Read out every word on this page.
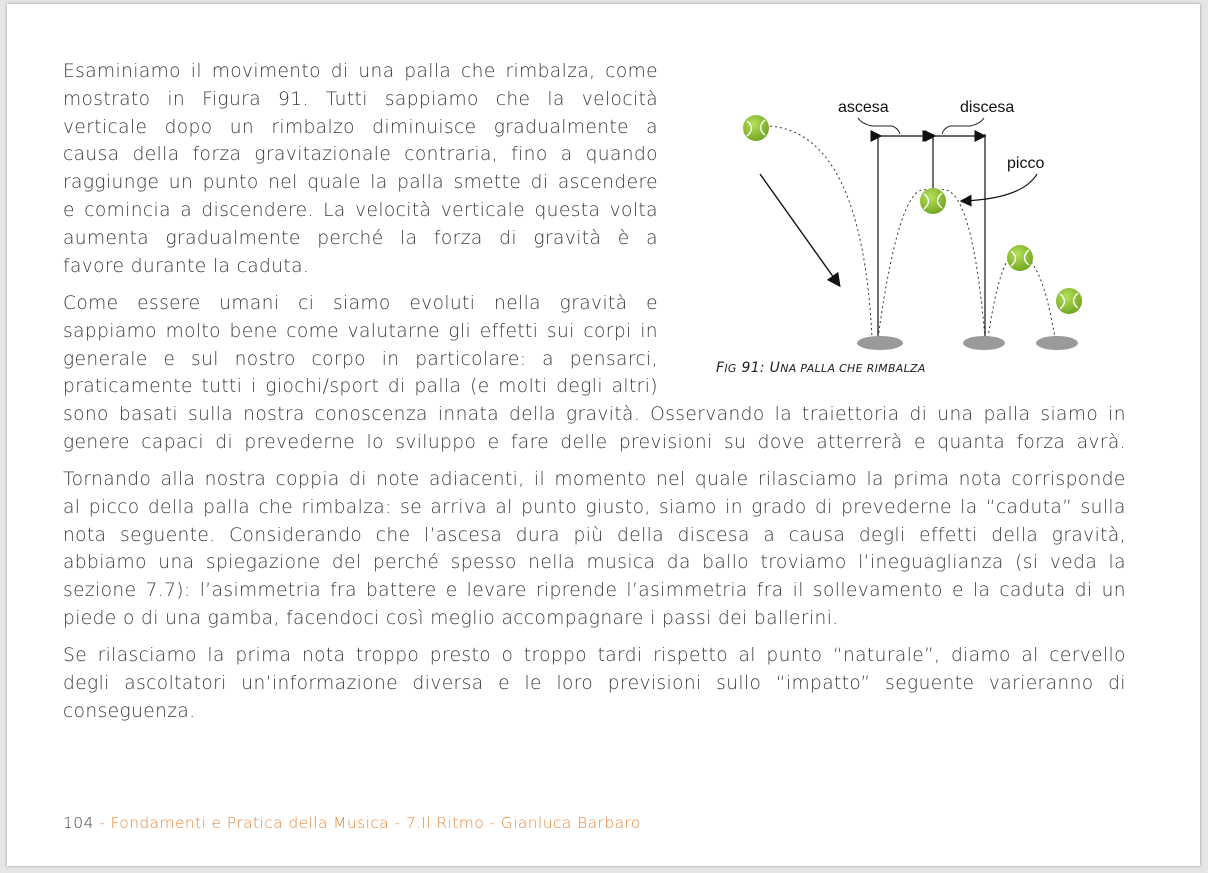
Esaminiamo il movimento di una palla che rimbalza, come
mostrato in Figura 91. Tutti sappiamo che la velocità
verticale dopo un rimbalzo diminuisce gradualmente a
causa della forza gravitazionale contraria, fino a quando
raggiunge un punto nel quale la palla smette di ascendere
e comincia a discendere. La velocità verticale questa volta
aumenta gradualmente perché la forza di gravità è a
favore durante la caduta.
Come essere umani ci siamo evoluti nella gravità e
sappiamo molto bene come valutarne gli effetti sui corpi in
generale e sul nostro corpo in particolare: a pensarci,
praticamente tutti i giochi/sport di palla (e molti degli altri)
sono basati sulla nostra conoscenza innata della gravità. Osservando la traiettoria di una palla siamo in
genere capaci di prevederne lo sviluppo e fare delle previsioni su dove atterrerà e quanta forza avrà.
Tornando alla nostra coppia di note adiacenti, il momento nel quale rilasciamo la prima nota corrisponde
al picco della palla che rimbalza: se arriva al punto giusto, siamo in grado di prevederne la “caduta” sulla
nota seguente. Considerando che l’ascesa dura più della discesa a causa degli effetti della gravità,
abbiamo una spiegazione del perché spesso nella musica da ballo troviamo l’ineguaglianza (si veda la
sezione 7.7): l’asimmetria fra battere e levare riprende l’asimmetria fra il sollevamento e la caduta di un
piede o di una gamba, facendoci così meglio accompagnare i passi dei ballerini.
Se rilasciamo la prima nota troppo presto o troppo tardi rispetto al punto “naturale”, diamo al cervello
degli ascoltatori un’informazione diversa e le loro previsioni sullo “impatto” seguente varieranno di
conseguenza.
ascesa	discesa
picco
FIG 91: UNA PALLA CHE RIMBALZA
104 - Fondamenti e Pratica della Musica - 7.Il Ritmo - Gianluca Barbaro
